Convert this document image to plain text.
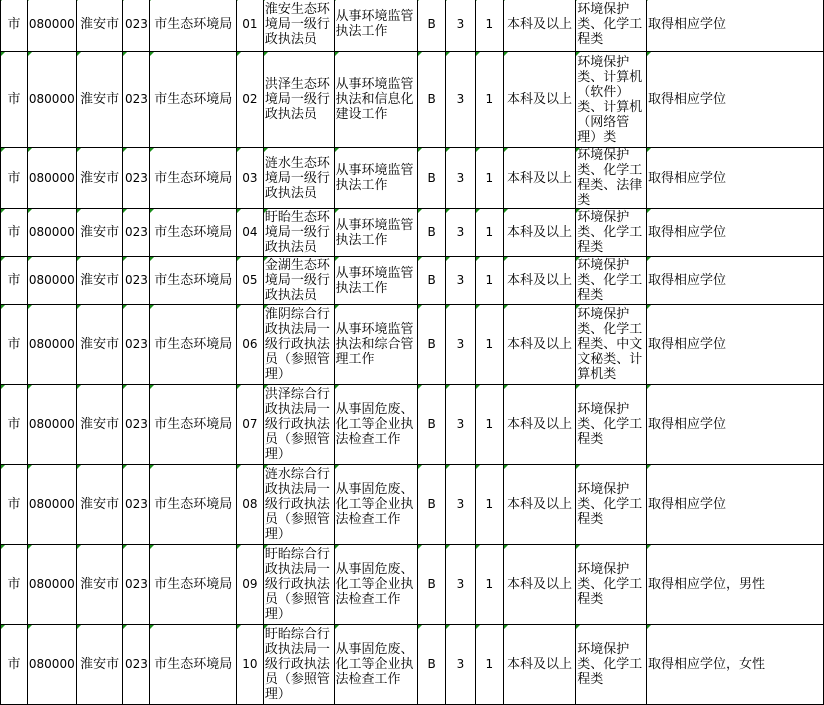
市	080000	淮安市	023	市生态环境局	01	淮安生态环境局一级行政执法员	从事环境监管执法工作	B	3	1	本科及以上	环境保护类、化学工程类	取得相应学位
市	080000	淮安市	023	市生态环境局	02	洪泽生态环境局一级行政执法员	从事环境监管执法和信息化建设工作	B	3	1	本科及以上	环境保护类、计算机（软件）类、计算机（网络管理）类	取得相应学位
市	080000	淮安市	023	市生态环境局	03	涟水生态环境局一级行政执法员	从事环境监管执法工作	B	3	1	本科及以上	环境保护类、化学工程类、法律类	取得相应学位
市	080000	淮安市	023	市生态环境局	04	盱眙生态环境局一级行政执法员	从事环境监管执法工作	B	3	1	本科及以上	环境保护类、化学工程类	取得相应学位
市	080000	淮安市	023	市生态环境局	05	金湖生态环境局一级行政执法员	从事环境监管执法工作	B	3	1	本科及以上	环境保护类、化学工程类	取得相应学位
市	080000	淮安市	023	市生态环境局	06	淮阴综合行政执法局一级行政执法员（参照管理）	从事环境监管执法和综合管理工作	B	3	1	本科及以上	环境保护类、化学工程类、中文文秘类、计算机类	取得相应学位
市	080000	淮安市	023	市生态环境局	07	洪泽综合行政执法局一级行政执法员（参照管理）	从事固危废、化工等企业执法检查工作	B	3	1	本科及以上	环境保护类、化学工程类	取得相应学位
市	080000	淮安市	023	市生态环境局	08	涟水综合行政执法局一级行政执法员（参照管理）	从事固危废、化工等企业执法检查工作	B	3	1	本科及以上	环境保护类、化学工程类	取得相应学位
市	080000	淮安市	023	市生态环境局	09	盱眙综合行政执法局一级行政执法员（参照管理）	从事固危废、化工等企业执法检查工作	B	3	1	本科及以上	环境保护类、化学工程类	取得相应学位，男性
市	080000	淮安市	023	市生态环境局	10	盱眙综合行政执法局一级行政执法员（参照管理）	从事固危废、化工等企业执法检查工作	B	3	1	本科及以上	环境保护类、化学工程类	取得相应学位，女性
